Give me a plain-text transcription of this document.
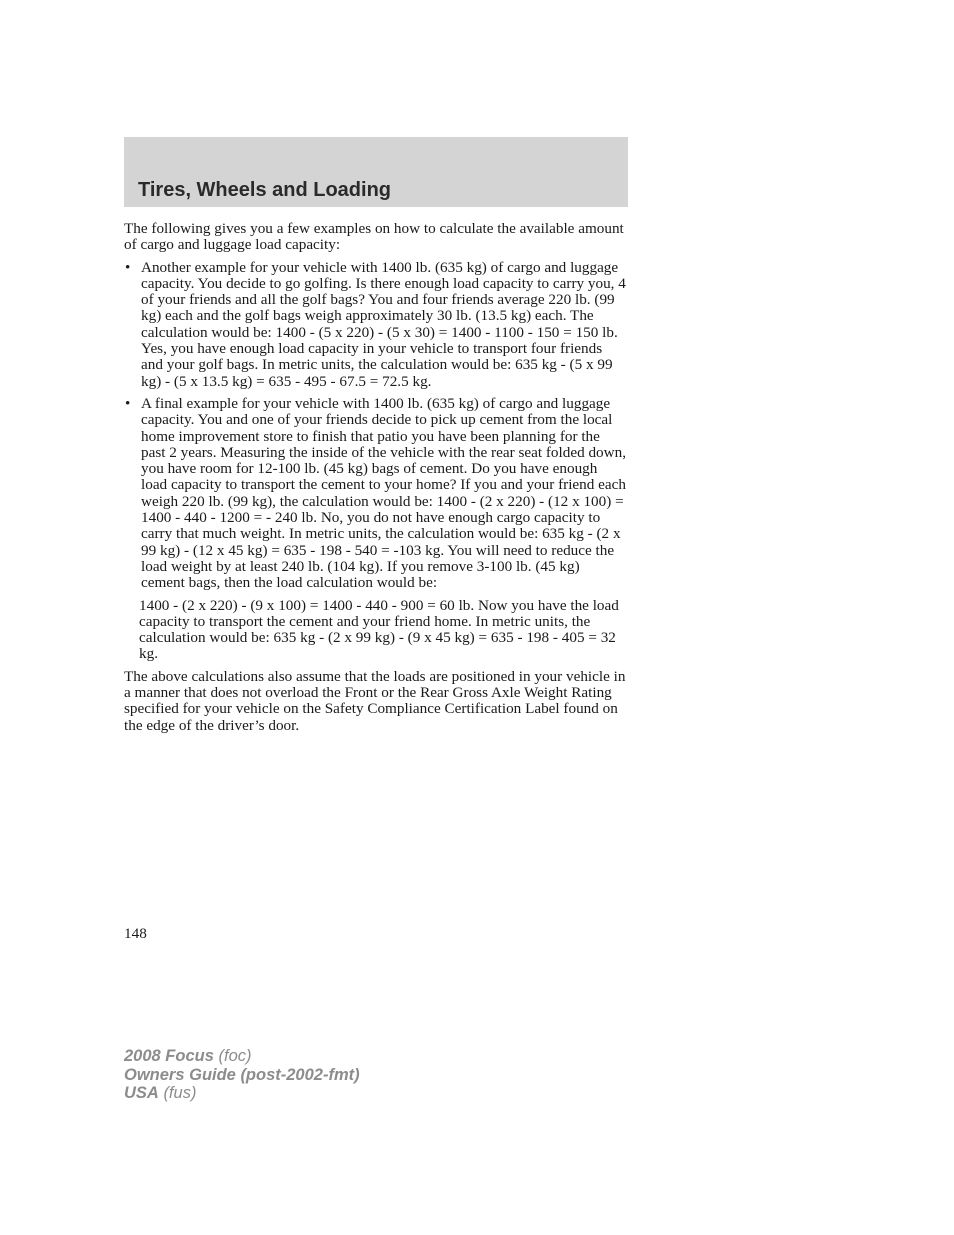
Tires, Wheels and Loading

The following gives you a few examples on how to calculate the available amount of cargo and luggage load capacity:

• Another example for your vehicle with 1400 lb. (635 kg) of cargo and luggage capacity. You decide to go golfing. Is there enough load capacity to carry you, 4 of your friends and all the golf bags? You and four friends average 220 lb. (99 kg) each and the golf bags weigh approximately 30 lb. (13.5 kg) each. The calculation would be: 1400 - (5 x 220) - (5 x 30) = 1400 - 1100 - 150 = 150 lb. Yes, you have enough load capacity in your vehicle to transport four friends and your golf bags. In metric units, the calculation would be: 635 kg - (5 x 99 kg) - (5 x 13.5 kg) = 635 - 495 - 67.5 = 72.5 kg.
• A final example for your vehicle with 1400 lb. (635 kg) of cargo and luggage capacity. You and one of your friends decide to pick up cement from the local home improvement store to finish that patio you have been planning for the past 2 years. Measuring the inside of the vehicle with the rear seat folded down, you have room for 12-100 lb. (45 kg) bags of cement. Do you have enough load capacity to transport the cement to your home? If you and your friend each weigh 220 lb. (99 kg), the calculation would be: 1400 - (2 x 220) - (12 x 100) = 1400 - 440 - 1200 = - 240 lb. No, you do not have enough cargo capacity to carry that much weight. In metric units, the calculation would be: 635 kg - (2 x 99 kg) - (12 x 45 kg) = 635 - 198 - 540 = -103 kg. You will need to reduce the load weight by at least 240 lb. (104 kg). If you remove 3-100 lb. (45 kg) cement bags, then the load calculation would be:

1400 - (2 x 220) - (9 x 100) = 1400 - 440 - 900 = 60 lb. Now you have the load capacity to transport the cement and your friend home. In metric units, the calculation would be: 635 kg - (2 x 99 kg) - (9 x 45 kg) = 635 - 198 - 405 = 32 kg.

The above calculations also assume that the loads are positioned in your vehicle in a manner that does not overload the Front or the Rear Gross Axle Weight Rating specified for your vehicle on the Safety Compliance Certification Label found on the edge of the driver’s door.

148
2008 Focus (foc)
Owners Guide (post-2002-fmt)
USA (fus)
